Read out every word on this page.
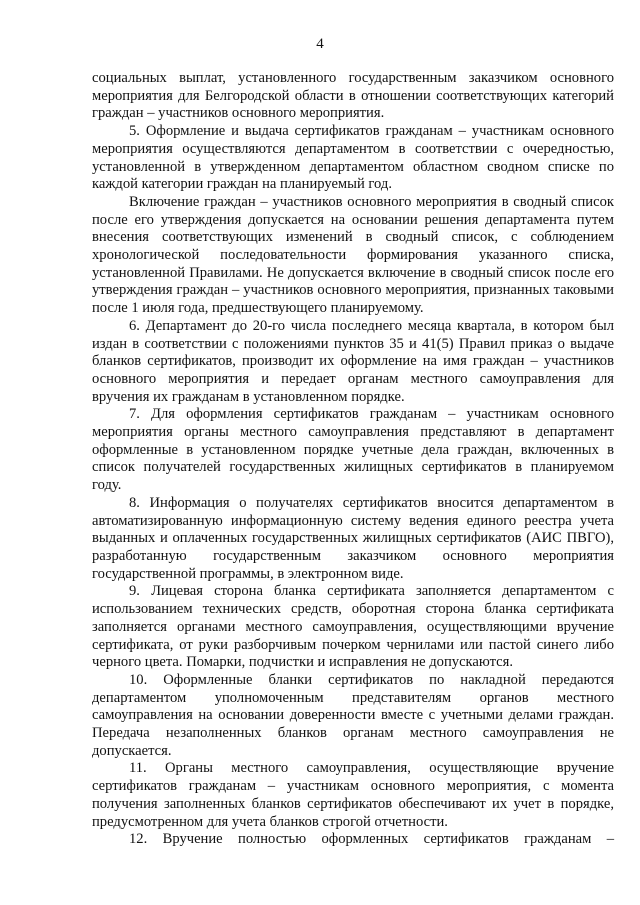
4

социальных выплат, установленного государственным заказчиком основного мероприятия для Белгородской области в отношении соответствующих категорий граждан – участников основного мероприятия.

5. Оформление и выдача сертификатов гражданам – участникам основного мероприятия осуществляются департаментом в соответствии с очередностью, установленной в утвержденном департаментом областном сводном списке по каждой категории граждан на планируемый год.

Включение граждан – участников основного мероприятия в сводный список после его утверждения допускается на основании решения департамента путем внесения соответствующих изменений в сводный список, с соблюдением хронологической последовательности формирования указанного списка, установленной Правилами. Не допускается включение в сводный список после его утверждения граждан – участников основного мероприятия, признанных таковыми после 1 июля года, предшествующего планируемому.

6. Департамент до 20-го числа последнего месяца квартала, в котором был издан в соответствии с положениями пунктов 35 и 41(5) Правил приказ о выдаче бланков сертификатов, производит их оформление на имя граждан – участников основного мероприятия и передает органам местного самоуправления для вручения их гражданам в установленном порядке.

7. Для оформления сертификатов гражданам – участникам основного мероприятия органы местного самоуправления представляют в департамент оформленные в установленном порядке учетные дела граждан, включенных в список получателей государственных жилищных сертификатов в планируемом году.

8. Информация о получателях сертификатов вносится департаментом в автоматизированную информационную систему ведения единого реестра учета выданных и оплаченных государственных жилищных сертификатов (АИС ПВГО), разработанную государственным заказчиком основного мероприятия государственной программы, в электронном виде.

9. Лицевая сторона бланка сертификата заполняется департаментом с использованием технических средств, оборотная сторона бланка сертификата заполняется органами местного самоуправления, осуществляющими вручение сертификата, от руки разборчивым почерком чернилами или пастой синего либо черного цвета. Помарки, подчистки и исправления не допускаются.

10. Оформленные бланки сертификатов по накладной передаются департаментом уполномоченным представителям органов местного самоуправления на основании доверенности вместе с учетными делами граждан. Передача незаполненных бланков органам местного самоуправления не допускается.

11. Органы местного самоуправления, осуществляющие вручение сертификатов гражданам – участникам основного мероприятия, с момента получения заполненных бланков сертификатов обеспечивают их учет в порядке, предусмотренном для учета бланков строгой отчетности.

12. Вручение полностью оформленных сертификатов гражданам –
